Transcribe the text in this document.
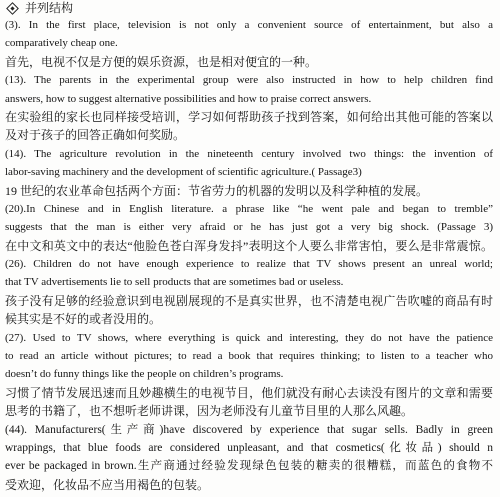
并列结构
(3). In the first place, television is not only a convenient source of entertainment, but also a
comparatively cheap one.
首先，电视不仅是方便的娱乐资源，也是相对便宜的一种。
(13). The parents in the experimental group were also instructed in how to help children find
answers, how to suggest alternative possibilities and how to praise correct answers.
在实验组的家长也同样接受培训，学习如何帮助孩子找到答案，如何给出其他可能的答案以
及对于孩子的回答正确如何奖励。
(14). The agriculture revolution in the nineteenth century involved two things: the invention of
labor-saving machinery and the development of scientific agriculture.( Passage3)
19 世纪的农业革命包括两个方面：节省劳力的机器的发明以及科学种植的发展。
(20).In Chinese and in English literature. a phrase like “he went pale and began to tremble”
suggests that the man is either very afraid or he has just got a very big shock. (Passage 3)
在中文和英文中的表达“他脸色苍白浑身发抖”表明这个人要么非常害怕，要么是非常震惊。
(26). Children do not have enough experience to realize that TV shows present an unreal world;
that TV advertisements lie to sell products that are sometimes bad or useless.
孩子没有足够的经验意识到电视剧展现的不是真实世界，也不清楚电视广告吹嘘的商品有时
候其实是不好的或者没用的。
(27). Used to TV shows, where everything is quick and interesting, they do not have the patience
to read an article without pictures; to read a book that requires thinking; to listen to a teacher who
doesn’t do funny things like the people on children’s programs.
习惯了情节发展迅速而且妙趣横生的电视节目，他们就没有耐心去读没有图片的文章和需要
思考的书籍了，也不想听老师讲课，因为老师没有儿童节目里的人那么风趣。
(44). Manufacturers(生产商)have discovered by experience that sugar sells. Badly in green
wrappings, that blue foods are considered unpleasant, and that cosmetics(化妆品) should n
ever be packaged in brown.生产商通过经验发现绿色包装的糖卖的很糟糕，而蓝色的食物不
受欢迎，化妆品不应当用褐色的包装。
